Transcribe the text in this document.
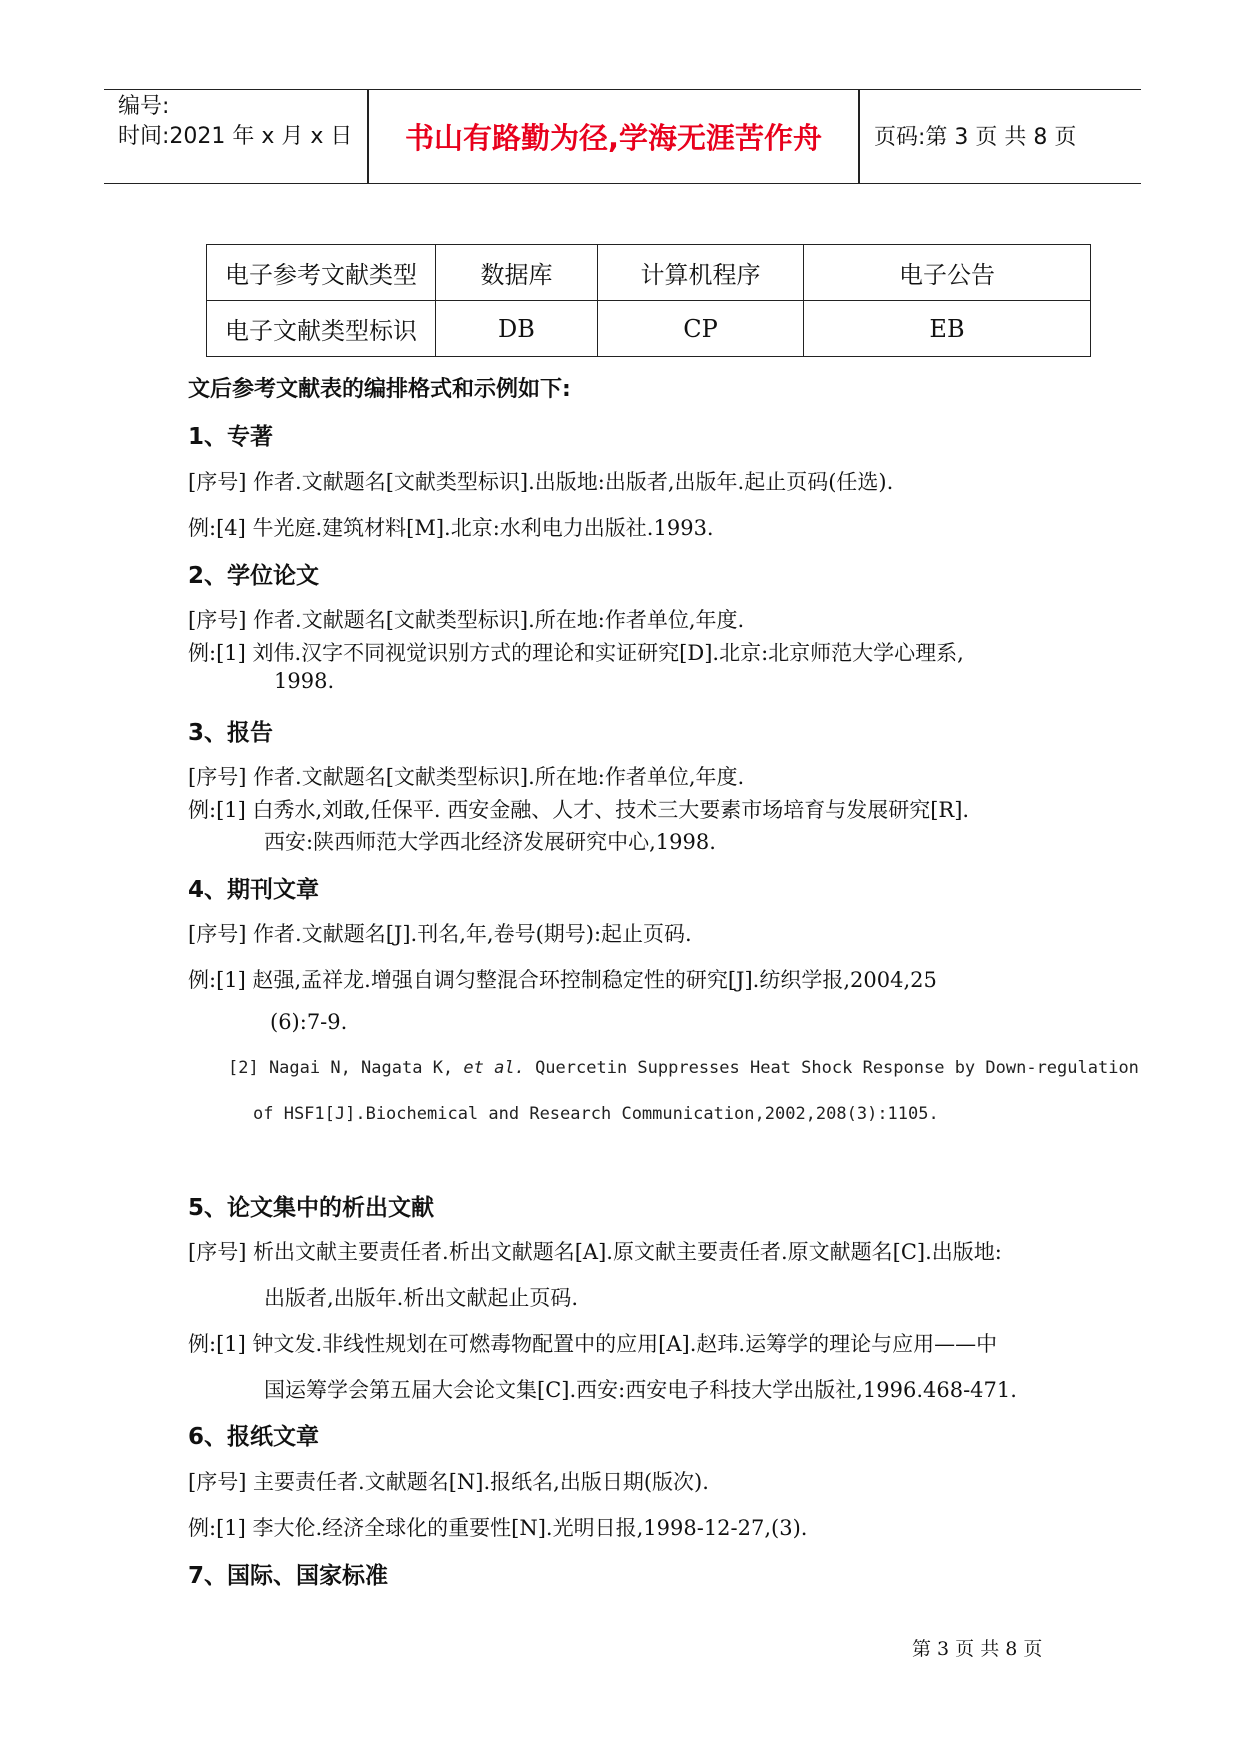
编号:
时间:2021 年 x 月 x 日	书山有路勤为径,学海无涯苦作舟	页码:第 3 页 共 8 页
电子参考文献类型	数据库	计算机程序	电子公告
电子文献类型标识	DB	CP	EB
文后参考文献表的编排格式和示例如下:
1、专著
[序号] 作者.文献题名[文献类型标识].出版地:出版者,出版年.起止页码(任选).
例:[4] 牛光庭.建筑材料[M].北京:水利电力出版社.1993.
2、学位论文
[序号] 作者.文献题名[文献类型标识].所在地:作者单位,年度.
例:[1] 刘伟.汉字不同视觉识别方式的理论和实证研究[D].北京:北京师范大学心理系,
1998.
3、报告
[序号] 作者.文献题名[文献类型标识].所在地:作者单位,年度.
例:[1] 白秀水,刘敢,任保平. 西安金融、人才、技术三大要素市场培育与发展研究[R].
西安:陕西师范大学西北经济发展研究中心,1998.
4、期刊文章
[序号] 作者.文献题名[J].刊名,年,卷号(期号):起止页码.
例:[1] 赵强,孟祥龙.增强自调匀整混合环控制稳定性的研究[J].纺织学报,2004,25
(6):7-9.
[2] Nagai N, Nagata K, et al. Quercetin Suppresses Heat Shock Response by Down-regulation
of HSF1[J].Biochemical and Research Communication,2002,208(3):1105.
5、论文集中的析出文献
[序号] 析出文献主要责任者.析出文献题名[A].原文献主要责任者.原文献题名[C].出版地:
出版者,出版年.析出文献起止页码.
例:[1] 钟文发.非线性规划在可燃毒物配置中的应用[A].赵玮.运筹学的理论与应用——中
国运筹学会第五届大会论文集[C].西安:西安电子科技大学出版社,1996.468-471.
6、报纸文章
[序号] 主要责任者.文献题名[N].报纸名,出版日期(版次).
例:[1] 李大伦.经济全球化的重要性[N].光明日报,1998-12-27,(3).
7、国际、国家标准
第 3 页 共 8 页
